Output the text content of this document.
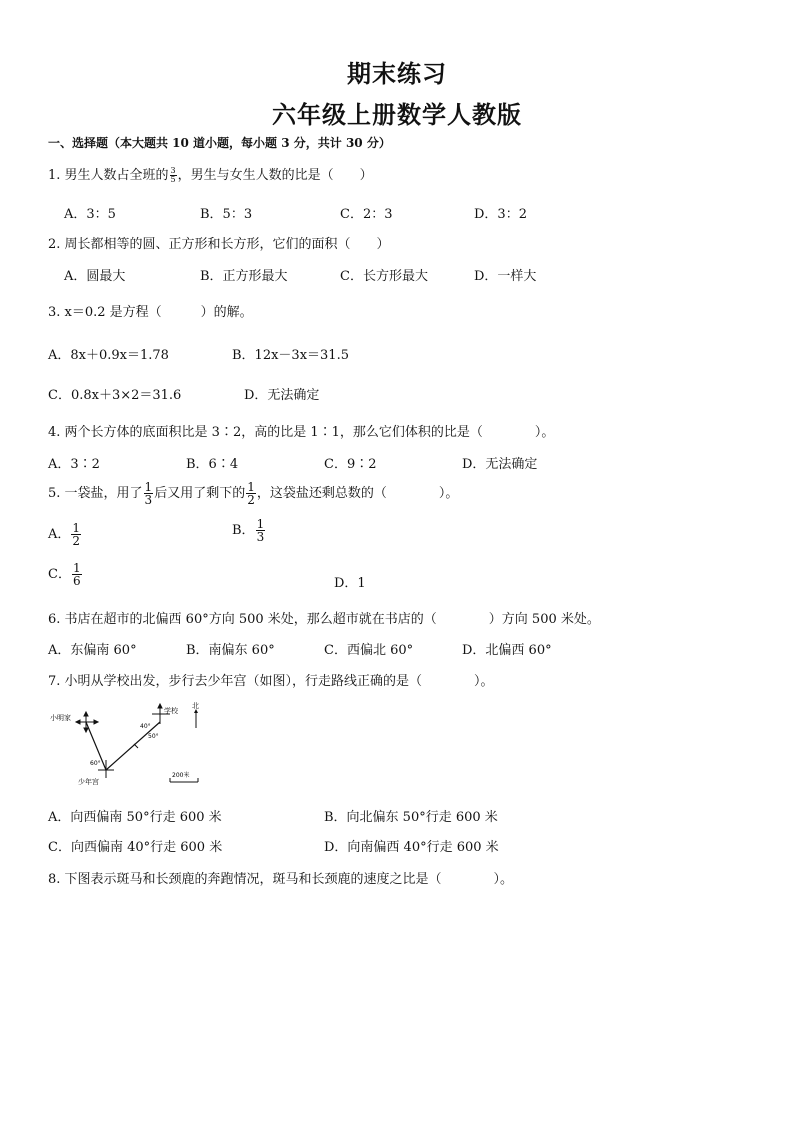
期末练习
六年级上册数学人教版
一、选择题（本大题共 10 道小题，每小题 3 分，共计 30 分）
1. 男生人数占全班的 $\frac{3}{5}$ ，男生与女生人数的比是（　　）
A．3：5	B．5：3	C．2：3	D．3：2
2. 周长都相等的圆、正方形和长方形，它们的面积（　　）
A．圆最大	B．正方形最大	C．长方形最大	D．一样大
3. x＝0.2 是方程（　　　）的解。
A．8x＋0.9x＝1.78	B．12x－3x＝31.5
C．0.8x＋3×2＝31.6	D．无法确定
4. 两个长方体的底面积比是 3∶2，高的比是 1∶1，那么它们体积的比是（　　　　）。
A．3∶2	B．6∶4	C．9∶2	D．无法确定
5. 一袋盐，用了 $\frac{1}{3}$ 后又用了剩下的 $\frac{1}{2}$ ，这袋盐还剩总数的（　　　　）。
A． $\frac{1}{2}$	B． $\frac{1}{3}$
C． $\frac{1}{6}$	D．1
6. 书店在超市的北偏西 60°方向 500 米处，那么超市就在书店的（　　　　）方向 500 米处。
A．东偏南 60°	B．南偏东 60°	C．西偏北 60°	D．北偏西 60°
7. 小明从学校出发，步行去少年宫（如图），行走路线正确的是（　　　　）。
小明家
60°
少年宫
学校
40°
50°
北
200米
A．向西偏南 50°行走 600 米	B．向北偏东 50°行走 600 米
C．向西偏南 40°行走 600 米	D．向南偏西 40°行走 600 米
8. 下图表示斑马和长颈鹿的奔跑情况，斑马和长颈鹿的速度之比是（　　　　）。
